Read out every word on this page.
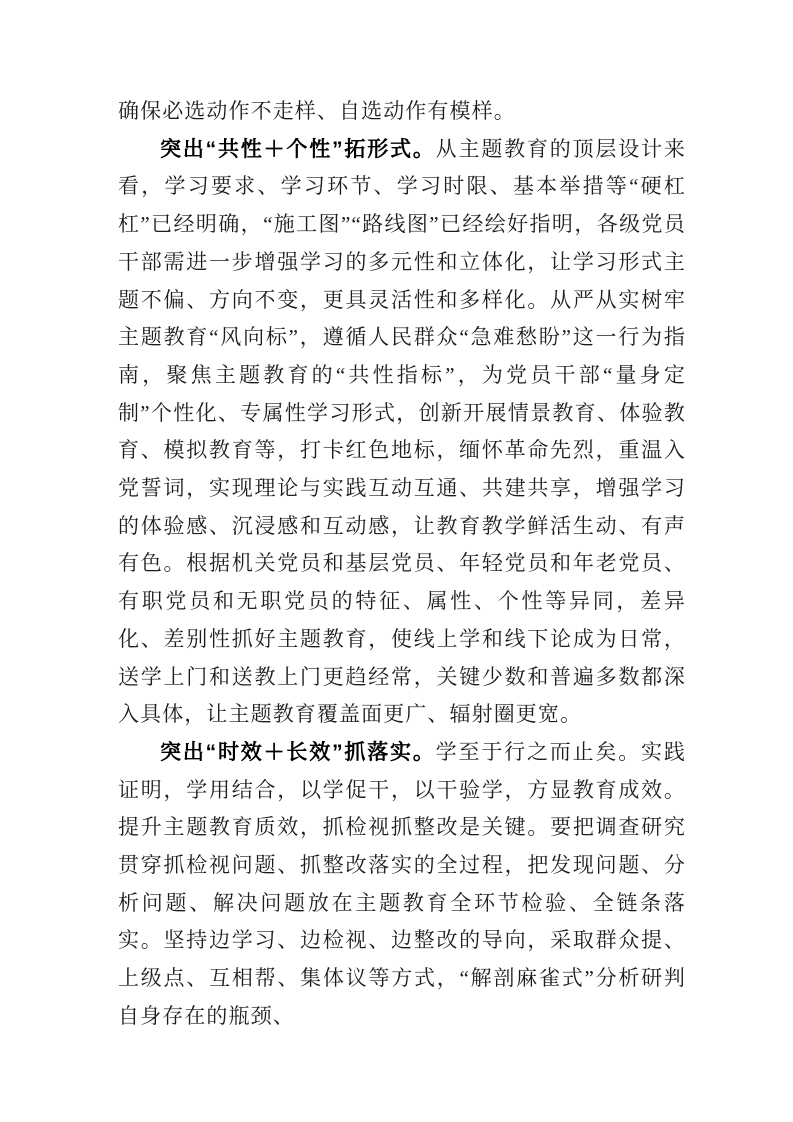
确保必选动作不走样、自选动作有模样。

突出“共性＋个性”拓形式。从主题教育的顶层设计来看，学习要求、学习环节、学习时限、基本举措等“硬杠杠”已经明确，“施工图”“路线图”已经绘好指明，各级党员干部需进一步增强学习的多元性和立体化，让学习形式主题不偏、方向不变，更具灵活性和多样化。从严从实树牢主题教育“风向标”，遵循人民群众“急难愁盼”这一行为指南，聚焦主题教育的“共性指标”，为党员干部“量身定制”个性化、专属性学习形式，创新开展情景教育、体验教育、模拟教育等，打卡红色地标，缅怀革命先烈，重温入党誓词，实现理论与实践互动互通、共建共享，增强学习的体验感、沉浸感和互动感，让教育教学鲜活生动、有声有色。根据机关党员和基层党员、年轻党员和年老党员、有职党员和无职党员的特征、属性、个性等异同，差异化、差别性抓好主题教育，使线上学和线下论成为日常，送学上门和送教上门更趋经常，关键少数和普遍多数都深入具体，让主题教育覆盖面更广、辐射圈更宽。

突出“时效＋长效”抓落实。学至于行之而止矣。实践证明，学用结合，以学促干，以干验学，方显教育成效。提升主题教育质效，抓检视抓整改是关键。要把调查研究贯穿抓检视问题、抓整改落实的全过程，把发现问题、分析问题、解决问题放在主题教育全环节检验、全链条落实。坚持边学习、边检视、边整改的导向，采取群众提、上级点、互相帮、集体议等方式，“解剖麻雀式”分析研判自身存在的瓶颈、
